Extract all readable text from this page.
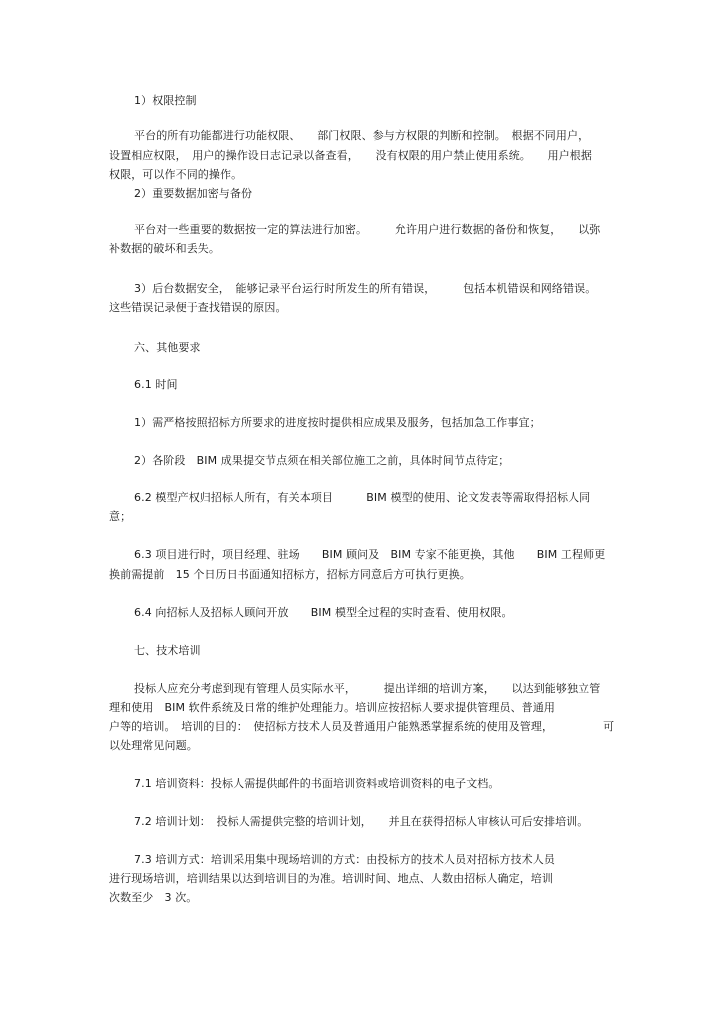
1）权限控制
平台的所有功能都进行功能权限、　　部门权限、参与方权限的判断和控制。　根据不同用户，
设置相应权限，　用户的操作设日志记录以备查看，　　没有权限的用户禁止使用系统。　　用户根据
权限，可以作不同的操作。
2）重要数据加密与备份
平台对一些重要的数据按一定的算法进行加密。　　　允许用户进行数据的备份和恢复，　　以弥
补数据的破坏和丢失。
3）后台数据安全，　能够记录平台运行时所发生的所有错误，　　　包括本机错误和网络错误。
这些错误记录便于查找错误的原因。
六、其他要求
6.1 时间
1）需严格按照招标方所要求的进度按时提供相应成果及服务，包括加急工作事宜；
2）各阶段　BIM 成果提交节点须在相关部位施工之前，具体时间节点待定；
6.2 模型产权归招标人所有，有关本项目　　　BIM 模型的使用、论文发表等需取得招标人同
意；
6.3 项目进行时，项目经理、驻场　　BIM 顾问及　BIM 专家不能更换，其他　　BIM 工程师更
换前需提前　15 个日历日书面通知招标方，招标方同意后方可执行更换。
6.4 向招标人及招标人顾问开放　　BIM 模型全过程的实时查看、使用权限。
七、技术培训
投标人应充分考虑到现有管理人员实际水平，　　　提出详细的培训方案，　　以达到能够独立管
理和使用　BIM 软件系统及日常的维护处理能力。培训应按招标人要求提供管理员、普通用
户等的培训。　培训的目的：　使招标方技术人员及普通用户能熟悉掌握系统的使用及管理，　　　　　可
以处理常见问题。
7.1 培训资料：投标人需提供邮件的书面培训资料或培训资料的电子文档。
7.2 培训计划：　投标人需提供完整的培训计划，　　并且在获得招标人审核认可后安排培训。
7.3 培训方式：培训采用集中现场培训的方式：由投标方的技术人员对招标方技术人员
进行现场培训，培训结果以达到培训目的为准。培训时间、地点、人数由招标人确定，培训
次数至少　3 次。
